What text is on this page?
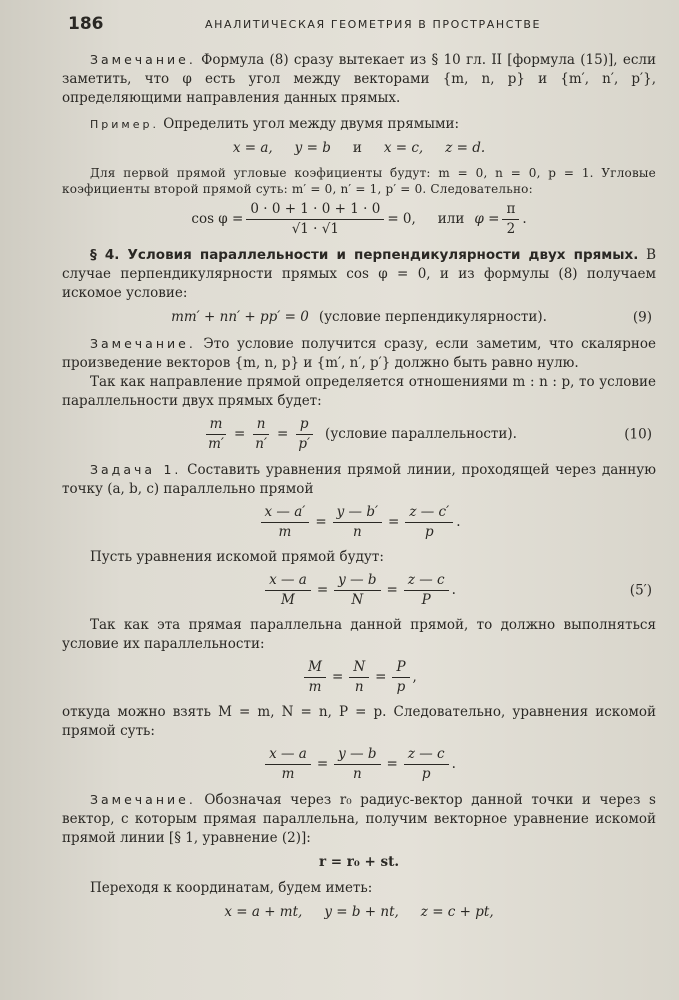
186	АНАЛИТИЧЕСКАЯ ГЕОМЕТРИЯ В ПРОСТРАНСТВЕ

Замечание. Формула (8) сразу вытекает из § 10 гл. II [формула (15)], если заметить, что φ есть угол между векторами {m, n, p} и {m′, n′, p′}, определяющими направления данных прямых.

Пример. Определить угол между двумя прямыми:

x = a, y = b и x = c, z = d.

Для первой прямой угловые коэфициенты будут: m = 0, n = 0, p = 1. Угловые коэфициенты второй прямой суть: m′ = 0, n′ = 1, p′ = 0. Следовательно:

$\cos \varphi = \frac{0 \cdot 0 + 1 \cdot 0 + 1 \cdot 0}{√1 \cdot √1} = 0$, или $\varphi = \frac{\pi}{2}$ .

§ 4. Условия параллельности и перпендикулярности двух прямых. В случае перпендикулярности прямых cos φ = 0, и из формулы (8) получаем искомое условие:

mm′ + nn′ + pp′ = 0 (условие перпендикулярности).	(9)

Замечание. Это условие получится сразу, если заметим, что скалярное произведение векторов {m, n, p} и {m′, n′, p′} должно быть равно нулю.

Так как направление прямой определяется отношениями m : n : p, то условие параллельности двух прямых будет:

$\frac{m}{m'} = \frac{n}{n'} = \frac{p}{p'}$ (условие параллельности).	(10)

Задача 1. Составить уравнения прямой линии, проходящей через данную точку (a, b, c) параллельно прямой

$\frac{x — a'}{m} = \frac{y — b'}{n} = \frac{z — c'}{p}$ .

Пусть уравнения искомой прямой будут:

$\frac{x — a}{M} = \frac{y — b}{N} = \frac{z — c}{P}$ .	(5′)

Так как эта прямая параллельна данной прямой, то должно выполняться условие их параллельности:

$\frac{M}{m} = \frac{N}{n} = \frac{P}{p}$ ,

откуда можно взять M = m, N = n, P = p. Следовательно, уравнения искомой прямой суть:

$\frac{x — a}{m} = \frac{y — b}{n} = \frac{z — c}{p}$ .

Замечание. Обозначая через r₀ радиус-вектор данной точки и через s вектор, с которым прямая параллельна, получим векторное уравнение искомой прямой линии [§ 1, уравнение (2)]:

r = r₀ + st.

Переходя к координатам, будем иметь:

x = a + mt, y = b + nt, z = c + pt,
